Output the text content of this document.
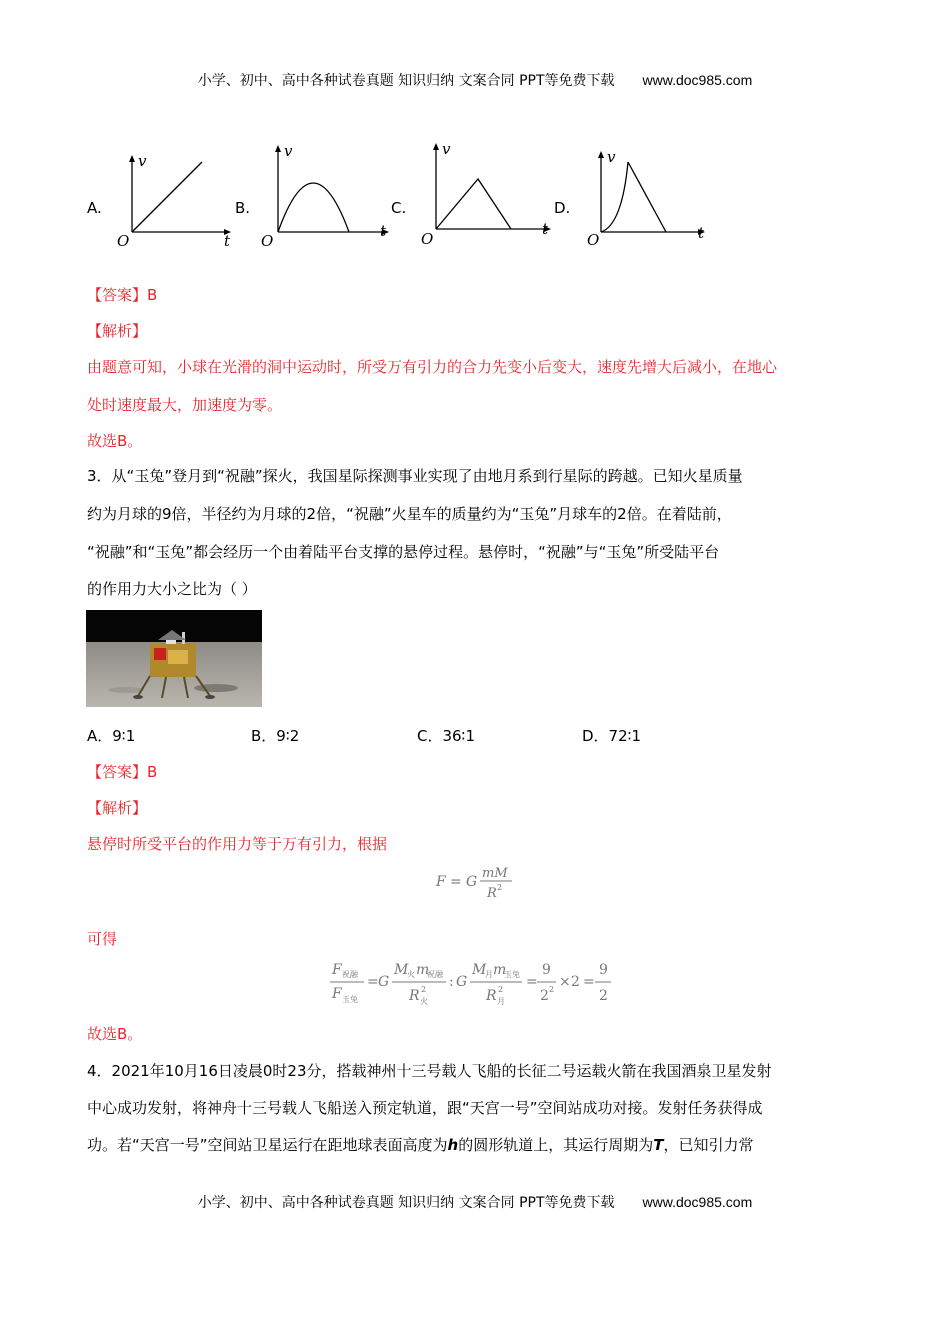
小学、初中、高中各种试卷真题 知识归纳 文案合同 PPT等免费下载 www.doc985.com
A.
v
t
O
B.
v
t
O
C.
v
t
O
D.
v
t
O
【答案】B
【解析】
由题意可知，小球在光滑的洞中运动时，所受万有引力的合力先变小后变大，速度先增大后减小，在地心
处时速度最大，加速度为零。
故选B。
3．从“玉兔”登月到“祝融”探火，我国星际探测事业实现了由地月系到行星际的跨越。已知火星质量
约为月球的9倍，半径约为月球的2倍，“祝融”火星车的质量约为“玉兔”月球车的2倍。在着陆前，
“祝融”和“玉兔”都会经历一个由着陆平台支撑的悬停过程。悬停时，“祝融”与“玉兔”所受陆平台
的作用力大小之比为（ ）
A．9∶1	B．9∶2	C．36∶1	D．72∶1
【答案】B
【解析】
悬停时所受平台的作用力等于万有引力，根据
F = G
mM
R 2
可得
F 祝融
F 玉兔
= G
M
火 m
祝融
R 火
2 : G
M
月 m
玉兔
R 月
2 =
9
2 2 × 2 =
9
2
故选B。
4．2021年10月16日凌晨0时23分，搭载神州十三号载人飞船的长征二号运载火箭在我国酒泉卫星发射
中心成功发射，将神舟十三号载人飞船送入预定轨道，跟“天宫一号”空间站成功对接。发射任务获得成
功。若“天宫一号”空间站卫星运行在距地球表面高度为h的圆形轨道上，其运行周期为T，已知引力常
小学、初中、高中各种试卷真题 知识归纳 文案合同 PPT等免费下载 www.doc985.com
